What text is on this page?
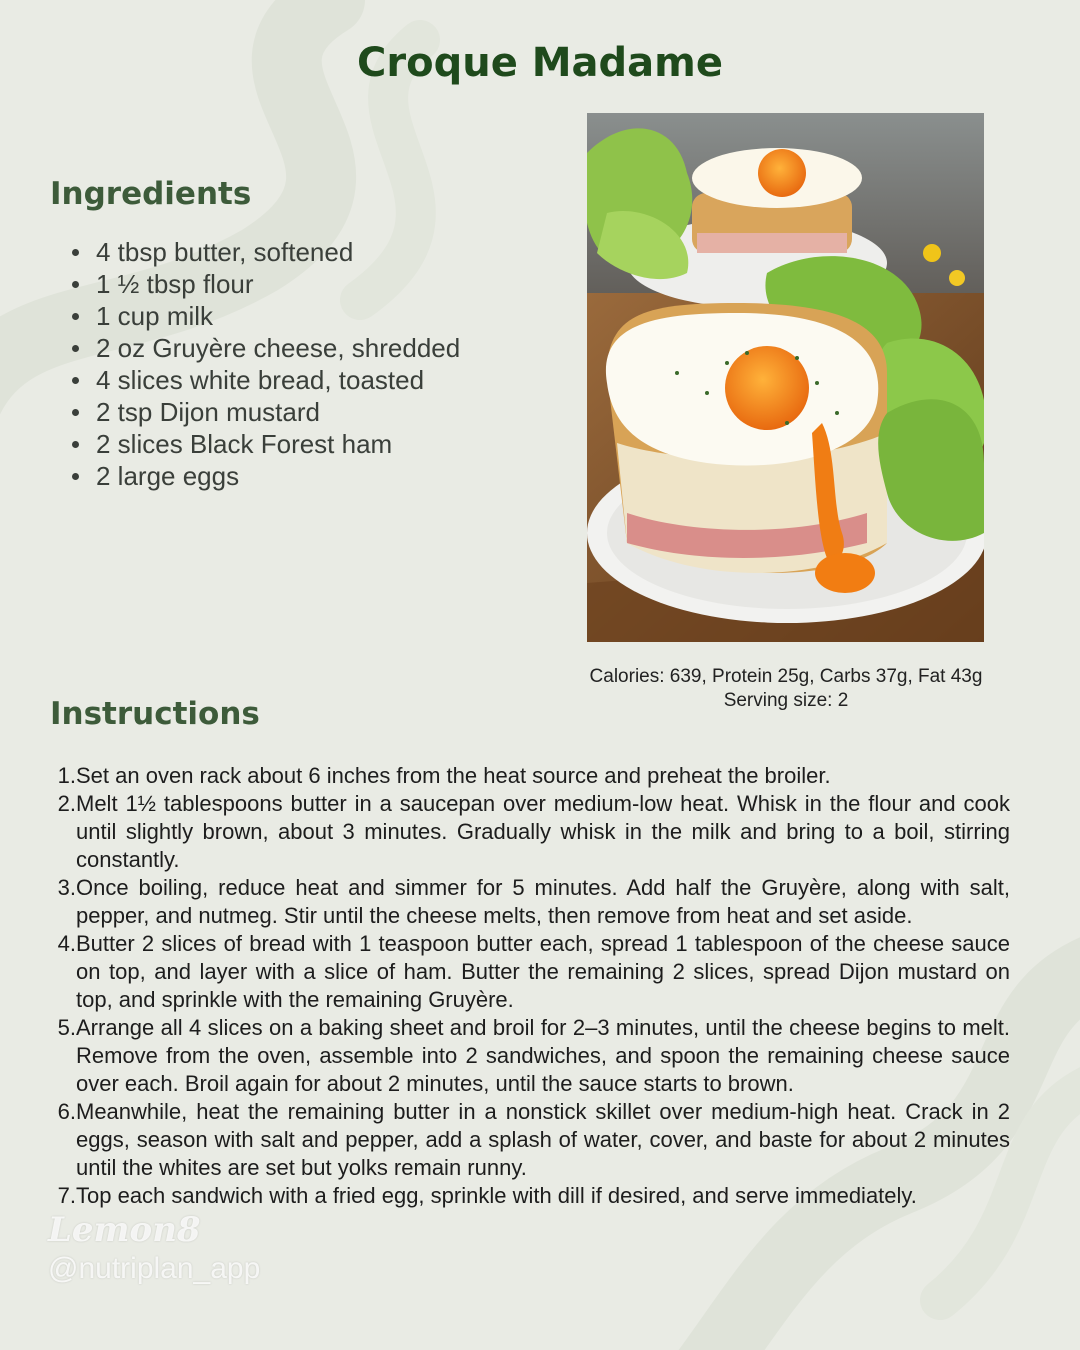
Croque Madame
Ingredients
4 tbsp butter, softened
1 ½ tbsp flour
1 cup milk
2 oz Gruyère cheese, shredded
4 slices white bread, toasted
2 tsp Dijon mustard
2 slices Black Forest ham
2 large eggs
Calories: 639, Protein 25g, Carbs 37g, Fat 43g
Serving size: 2
Instructions
1. Set an oven rack about 6 inches from the heat source and preheat the broiler.
2. Melt 1½ tablespoons butter in a saucepan over medium-low heat. Whisk in the flour and cook until slightly brown, about 3 minutes. Gradually whisk in the milk and bring to a boil, stirring constantly.
3. Once boiling, reduce heat and simmer for 5 minutes. Add half the Gruyère, along with salt, pepper, and nutmeg. Stir until the cheese melts, then remove from heat and set aside.
4. Butter 2 slices of bread with 1 teaspoon butter each, spread 1 tablespoon of the cheese sauce on top, and layer with a slice of ham. Butter the remaining 2 slices, spread Dijon mustard on top, and sprinkle with the remaining Gruyère.
5. Arrange all 4 slices on a baking sheet and broil for 2–3 minutes, until the cheese begins to melt. Remove from the oven, assemble into 2 sandwiches, and spoon the remaining cheese sauce over each. Broil again for about 2 minutes, until the sauce starts to brown.
6. Meanwhile, heat the remaining butter in a nonstick skillet over medium-high heat. Crack in 2 eggs, season with salt and pepper, add a splash of water, cover, and baste for about 2 minutes until the whites are set but yolks remain runny.
7. Top each sandwich with a fried egg, sprinkle with dill if desired, and serve immediately.
Lemon8
@nutriplan_app
